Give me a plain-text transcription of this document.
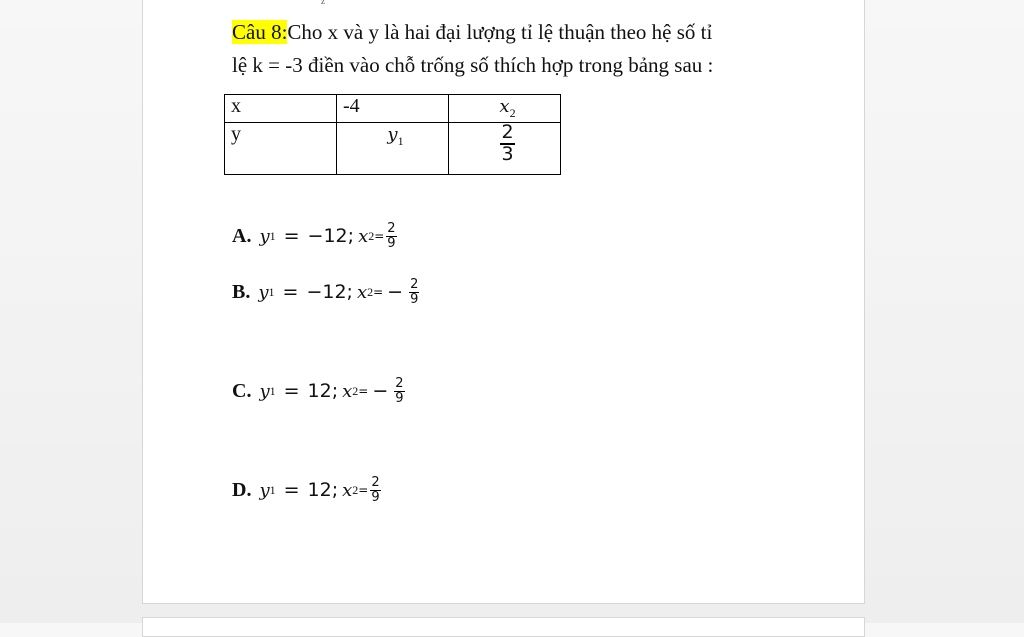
z
Câu 8:Cho x và y là hai đại lượng tỉ lệ thuận theo hệ số tỉ
lệ k = -3 điền vào chỗ trống số thích hợp trong bảng sau :
x	-4	$x_2$
y	$y_1$	$\frac{2}{3}$
A. y 1 = −12 ; x $2 = \frac{2}{9}$
B. y 1 = −12 ; x 2 = − $\frac{2}{9}$
C. y 1 = 12 ; x 2 = − $\frac{2}{9}$
D. y 1 = 12 ; x $2 = \frac{2}{9}$
